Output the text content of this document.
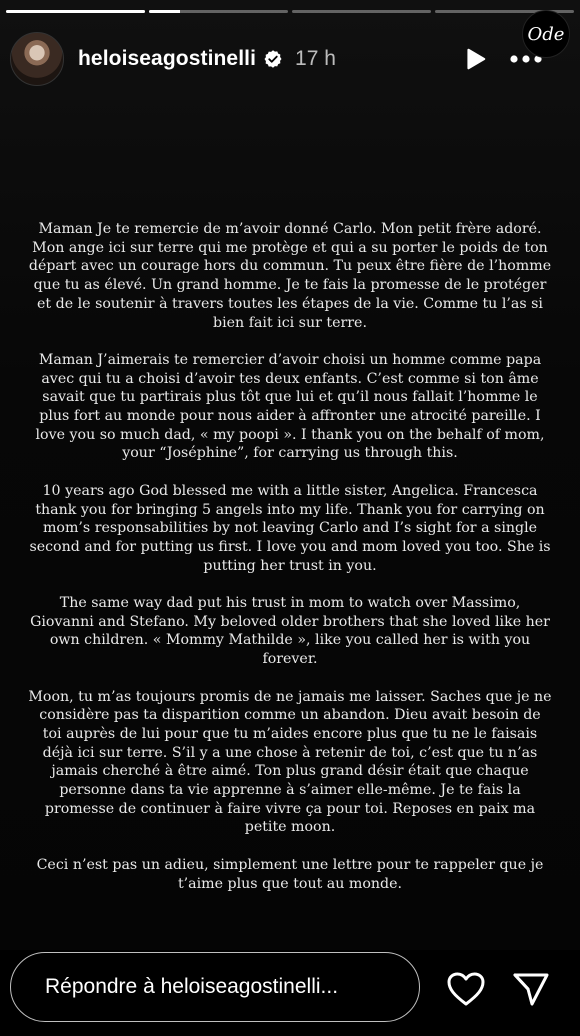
heloiseagostinelli 17 h
Ode

Maman Je te remercie de m’avoir donné Carlo. Mon petit frère adoré. Mon ange ici sur terre qui me protège et qui a su porter le poids de ton départ avec un courage hors du commun. Tu peux être fière de l’homme que tu as élevé. Un grand homme. Je te fais la promesse de le protéger et de le soutenir à travers toutes les étapes de la vie. Comme tu l’as si bien fait ici sur terre.

Maman J’aimerais te remercier d’avoir choisi un homme comme papa avec qui tu a choisi d’avoir tes deux enfants. C’est comme si ton âme savait que tu partirais plus tôt que lui et qu’il nous fallait l’homme le plus fort au monde pour nous aider à affronter une atrocité pareille. I love you so much dad, « my poopi ». I thank you on the behalf of mom, your “Joséphine”, for carrying us through this.

10 years ago God blessed me with a little sister, Angelica. Francesca thank you for bringing 5 angels into my life. Thank you for carrying on mom’s responsabilities by not leaving Carlo and I’s sight for a single second and for putting us first. I love you and mom loved you too. She is putting her trust in you.

The same way dad put his trust in mom to watch over Massimo, Giovanni and Stefano. My beloved older brothers that she loved like her own children. « Mommy Mathilde », like you called her is with you forever.

Moon, tu m’as toujours promis de ne jamais me laisser. Saches que je ne considère pas ta disparition comme un abandon. Dieu avait besoin de toi auprès de lui pour que tu m’aides encore plus que tu ne le faisais déjà ici sur terre. S’il y a une chose à retenir de toi, c’est que tu n’as jamais cherché à être aimé. Ton plus grand désir était que chaque personne dans ta vie apprenne à s’aimer elle-même. Je te fais la promesse de continuer à faire vivre ça pour toi. Reposes en paix ma petite moon.

Ceci n’est pas un adieu, simplement une lettre pour te rappeler que je t’aime plus que tout au monde.

Répondre à heloiseagostinelli...
